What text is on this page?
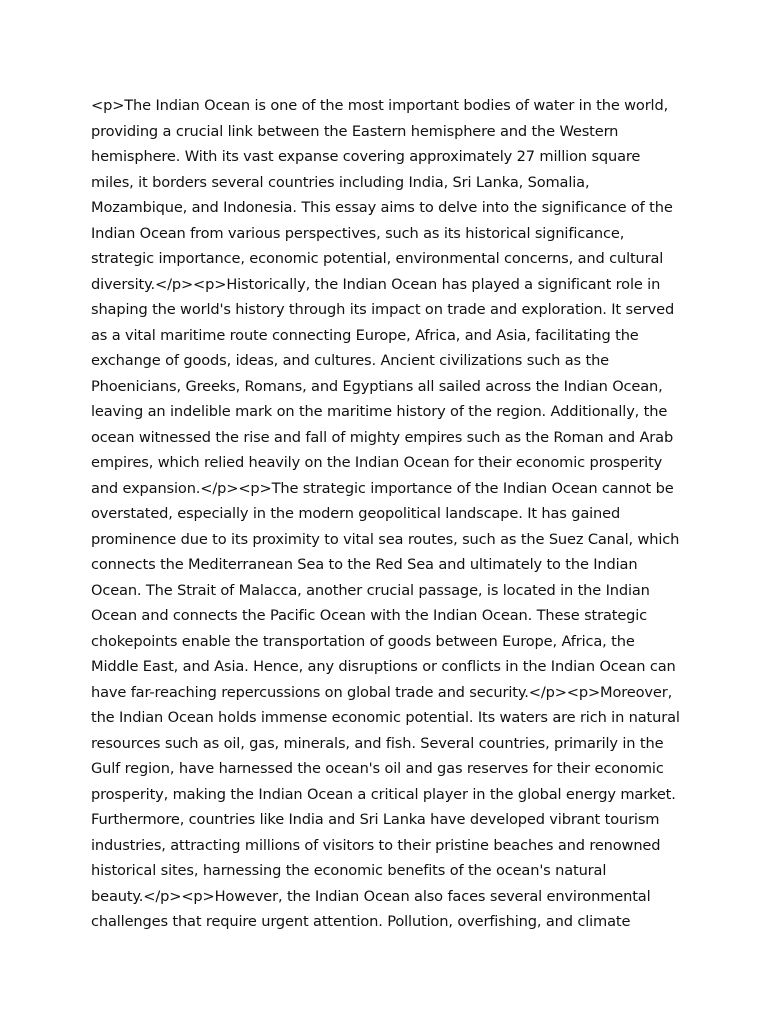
<p>The Indian Ocean is one of the most important bodies of water in the world,
providing a crucial link between the Eastern hemisphere and the Western
hemisphere. With its vast expanse covering approximately 27 million square
miles, it borders several countries including India, Sri Lanka, Somalia,
Mozambique, and Indonesia. This essay aims to delve into the significance of the
Indian Ocean from various perspectives, such as its historical significance,
strategic importance, economic potential, environmental concerns, and cultural
diversity.</p><p>Historically, the Indian Ocean has played a significant role in
shaping the world's history through its impact on trade and exploration. It served
as a vital maritime route connecting Europe, Africa, and Asia, facilitating the
exchange of goods, ideas, and cultures. Ancient civilizations such as the
Phoenicians, Greeks, Romans, and Egyptians all sailed across the Indian Ocean,
leaving an indelible mark on the maritime history of the region. Additionally, the
ocean witnessed the rise and fall of mighty empires such as the Roman and Arab
empires, which relied heavily on the Indian Ocean for their economic prosperity
and expansion.</p><p>The strategic importance of the Indian Ocean cannot be
overstated, especially in the modern geopolitical landscape. It has gained
prominence due to its proximity to vital sea routes, such as the Suez Canal, which
connects the Mediterranean Sea to the Red Sea and ultimately to the Indian
Ocean. The Strait of Malacca, another crucial passage, is located in the Indian
Ocean and connects the Pacific Ocean with the Indian Ocean. These strategic
chokepoints enable the transportation of goods between Europe, Africa, the
Middle East, and Asia. Hence, any disruptions or conflicts in the Indian Ocean can
have far-reaching repercussions on global trade and security.</p><p>Moreover,
the Indian Ocean holds immense economic potential. Its waters are rich in natural
resources such as oil, gas, minerals, and fish. Several countries, primarily in the
Gulf region, have harnessed the ocean's oil and gas reserves for their economic
prosperity, making the Indian Ocean a critical player in the global energy market.
Furthermore, countries like India and Sri Lanka have developed vibrant tourism
industries, attracting millions of visitors to their pristine beaches and renowned
historical sites, harnessing the economic benefits of the ocean's natural
beauty.</p><p>However, the Indian Ocean also faces several environmental
challenges that require urgent attention. Pollution, overfishing, and climate
